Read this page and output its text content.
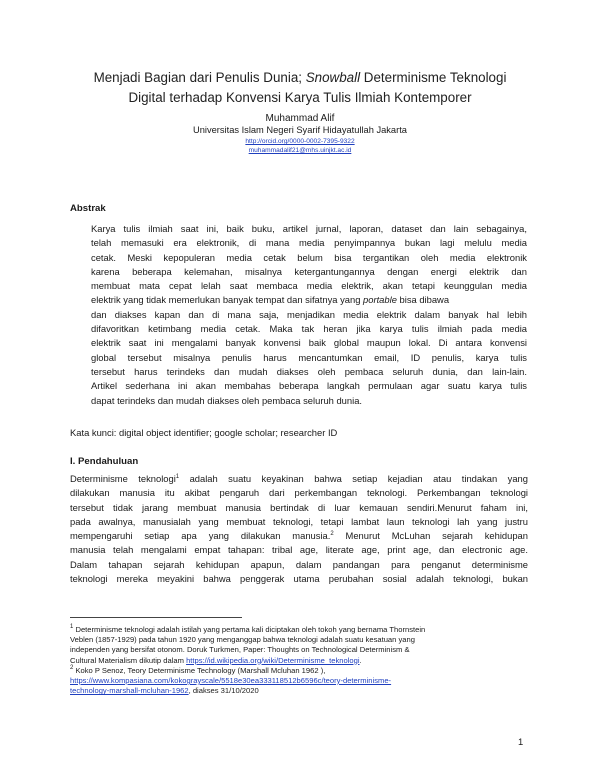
Menjadi Bagian dari Penulis Dunia; Snowball Determinisme Teknologi
Digital terhadap Konvensi Karya Tulis Ilmiah Kontemporer
Muhammad Alif
Universitas Islam Negeri Syarif Hidayatullah Jakarta
http://orcid.org/0000-0002-7395-9322
muhammadalif21@mhs.uinjkt.ac.id
Abstrak
Karya tulis ilmiah saat ini, baik buku, artikel jurnal, laporan, dataset dan lain sebagainya,
telah memasuki era elektronik, di mana media penyimpannya bukan lagi melulu media
cetak. Meski kepopuleran media cetak belum bisa tergantikan oleh media elektronik
karena beberapa kelemahan, misalnya ketergantungannya dengan energi elektrik dan
membuat mata cepat lelah saat membaca media elektrik, akan tetapi keunggulan media
elektrik yang tidak memerlukan banyak tempat dan sifatnya yang portable bisa dibawa
dan diakses kapan dan di mana saja, menjadikan media elektrik dalam banyak hal lebih
difavoritkan ketimbang media cetak. Maka tak heran jika karya tulis ilmiah pada media
elektrik saat ini mengalami banyak konvensi baik global maupun lokal. Di antara konvensi
global tersebut misalnya penulis harus mencantumkan email, ID penulis, karya tulis
tersebut harus terindeks dan mudah diakses oleh pembaca seluruh dunia, dan lain-lain.
Artikel sederhana ini akan membahas beberapa langkah permulaan agar suatu karya tulis
dapat terindeks dan mudah diakses oleh pembaca seluruh dunia.
Kata kunci: digital object identifier; google scholar; researcher ID
I. Pendahuluan
Determinisme teknologi$^1$ adalah suatu keyakinan bahwa setiap kejadian atau tindakan yang
dilakukan manusia itu akibat pengaruh dari perkembangan teknologi. Perkembangan teknologi
tersebut tidak jarang membuat manusia bertindak di luar kemauan sendiri.Menurut faham ini,
pada awalnya, manusialah yang membuat teknologi, tetapi lambat laun teknologi lah yang justru
mempengaruhi setiap apa yang dilakukan manusia.$^2$ Menurut McLuhan sejarah kehidupan
manusia telah mengalami empat tahapan: tribal age, literate age, print age, dan electronic age.
Dalam tahapan sejarah kehidupan apapun, dalam pandangan para penganut determinisme
teknologi mereka meyakini bahwa penggerak utama perubahan sosial adalah teknologi, bukan
$^1$ Determinisme teknologi adalah istilah yang pertama kali diciptakan oleh tokoh yang bernama Thornstein
Veblen (1857-1929) pada tahun 1920 yang menganggap bahwa teknologi adalah suatu kesatuan yang
independen yang bersifat otonom. Doruk Turkmen, Paper: Thoughts on Technological Determinism &
Cultural Materialism dikutip dalam https://id.wikipedia.org/wiki/Determinisme_teknologi.
$^2$ Koko P Senoz, Teory Determinisme Technology (Marshall Mcluhan 1962 ),
https://www.kompasiana.com/kokograyscale/5518e30ea333118512b6596c/teory-determinisme-
technology-marshall-mcluhan-1962, diakses 31/10/2020
1
